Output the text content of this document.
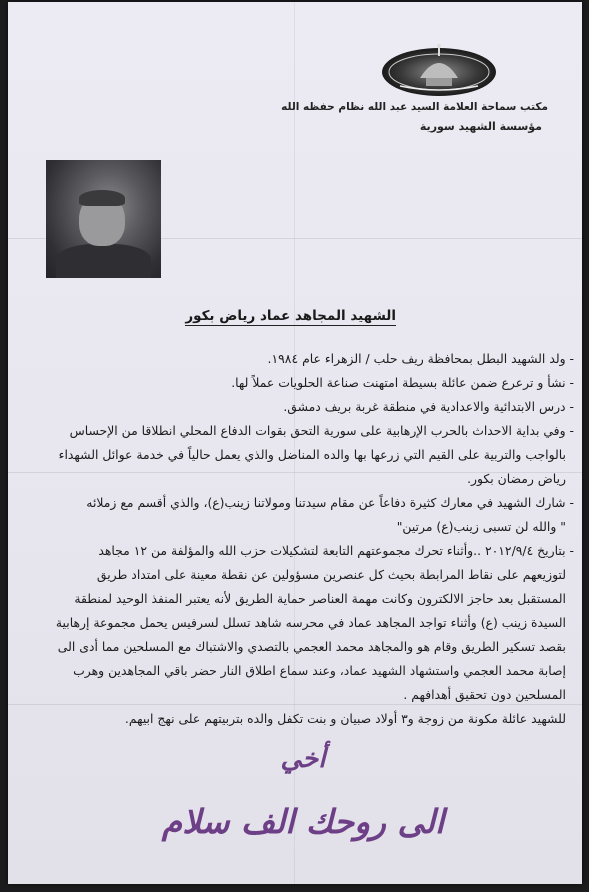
مكتب سماحة العلامة السيد عبد الله نظام حفظه الله
مؤسسة الشهيد سورية
الشهيد المجاهد عماد رياض بكور

- ولد الشهيد البطل بمحافظة ريف حلب / الزهراء عام ١٩٨٤.

- نشأ و ترعرع ضمن عائلة بسيطة امتهنت صناعة الحلويات عملاً لها.

- درس الابتدائية والاعدادية في منطقة غربة بريف دمشق.

- وفي بداية الاحداث بالحرب الإرهابية على سورية التحق بقوات الدفاع المحلي انطلاقا من الإحساس

بالواجب والتربية على القيم التي زرعها بها والده المناضل والذي يعمل حالياً في خدمة عوائل الشهداء

رياض رمضان بكور.

- شارك الشهيد في معارك كثيرة دفاعاً عن مقام سيدتنا ومولاتنا زينب(ع)، والذي أقسم مع زملائه

" والله لن تسبى زينب(ع) مرتين"

- بتاريخ ٢٠١٢/٩/٤ ..وأثناء تحرك مجموعتهم التابعة لتشكيلات حزب الله والمؤلفة من ١٢ مجاهد

لتوزيعهم على نقاط المرابطة بحيث كل عنصرين مسؤولين عن نقطة معينة على امتداد طريق

المستقبل بعد حاجز الالكترون وكانت مهمة العناصر حماية الطريق لأنه يعتبر المنفذ الوحيد لمنطقة

السيدة زينب (ع) وأثناء تواجد المجاهد عماد في محرسه شاهد تسلل لسرفيس يحمل مجموعة إرهابية

بقصد تسكير الطريق وقام هو والمجاهد محمد العجمي بالتصدي والاشتباك مع المسلحين مما أدى الى

إصابة محمد العجمي واستشهاد الشهيد عماد، وعند سماع اطلاق النار حضر باقي المجاهدين وهرب

المسلحين دون تحقيق أهدافهم .

للشهيد عائلة مكونة من زوجة و٣ أولاد صبيان و بنت تكفل والده بتربيتهم على نهج ابيهم.

أخي
الى روحك الف سلام
